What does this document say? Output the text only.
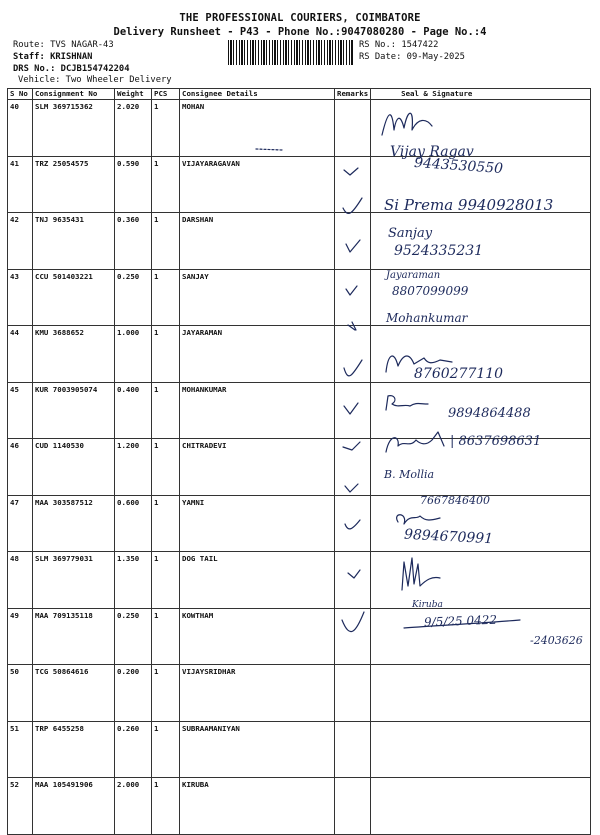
THE PROFESSIONAL COURIERS, COIMBATORE
Delivery Runsheet - P43 - Phone No.:9047080280 - Page No.:4
Route: TVS NAGAR-43
Staff: KRISHNAN
DRS No.: DCJB154742204
Vehicle: Two Wheeler Delivery
RS No.: 1547422
RS Date: 09-May-2025
S No	Consignment No	Weight	PCS	Consignee Details	Remarks	Seal & Signature
40	SLM 369715362	2.020	1	MOHAN		
41	TRZ 25054575	0.590	1	VIJAYARAGAVAN		
42	TNJ 9635431	0.360	1	DARSHAN		
43	CCU 501403221	0.250	1	SANJAY		
44	KMU 3688652	1.000	1	JAYARAMAN		
45	KUR 7003905074	0.400	1	MOHANKUMAR		
46	CUD 1140530	1.200	1	CHITRADEVI		
47	MAA 303587512	0.600	1	YAMNI		
48	SLM 369779031	1.350	1	DOG TAIL		
49	MAA 709135118	0.250	1	KOWTHAM		
50	TCG 50864616	0.200	1	VIJAYSRIDHAR		
51	TRP 6455258	0.260	1	SUBRAAMANIYAN		
52	MAA 105491906	2.000	1	KIRUBA		
Vijay Ragav
9443530550
Si Prema 9940928013
Sanjay
9524335231
Jayaraman
8807099099
Mohankumar
8760277110
9894864488
| 8637698631
B. Mollia
7667846400
9894670991
Kiruba
9/5/25 0422
-2403626
